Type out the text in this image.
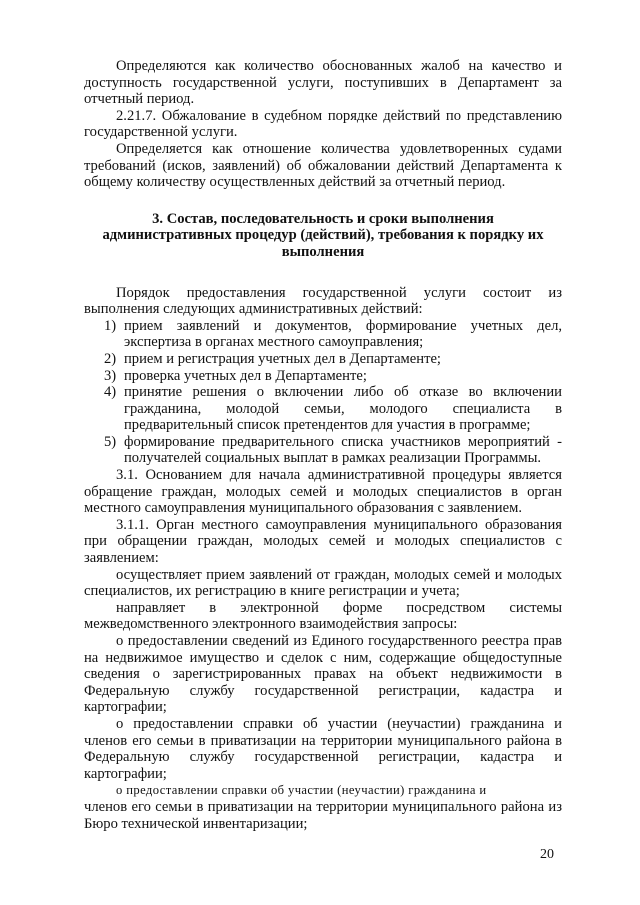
Определяются как количество обоснованных жалоб на качество и доступность государственной услуги, поступивших в Департамент за отчетный период.

2.21.7. Обжалование в судебном порядке действий по представлению государственной услуги.

Определяется как отношение количества удовлетворенных судами требований (исков, заявлений) об обжаловании действий Департамента к общему количеству осуществленных действий за отчетный период.

3. Состав, последовательность и сроки выполнения административных процедур (действий), требования к порядку их выполнения

Порядок предоставления государственной услуги состоит из выполнения следующих административных действий:

1) прием заявлений и документов, формирование учетных дел, экспертиза в органах местного самоуправления;
2) прием и регистрация учетных дел в Департаменте;
3) проверка учетных дел в Департаменте;
4) принятие решения о включении либо об отказе во включении гражданина, молодой семьи, молодого специалиста в предварительный список претендентов для участия в программе;
5) формирование предварительного списка участников мероприятий - получателей социальных выплат в рамках реализации Программы.

3.1. Основанием для начала административной процедуры является обращение граждан, молодых семей и молодых специалистов в орган местного самоуправления муниципального образования с заявлением.

3.1.1. Орган местного самоуправления муниципального образования при обращении граждан, молодых семей и молодых специалистов с заявлением:

осуществляет прием заявлений от граждан, молодых семей и молодых специалистов, их регистрацию в книге регистрации и учета;

направляет в электронной форме посредством системы межведомственного электронного взаимодействия запросы:

о предоставлении сведений из Единого государственного реестра прав на недвижимое имущество и сделок с ним, содержащие общедоступные сведения о зарегистрированных правах на объект недвижимости в Федеральную службу государственной регистрации, кадастра и картографии;

о предоставлении справки об участии (неучастии) гражданина и членов его семьи в приватизации на территории муниципального района в Федеральную службу государственной регистрации, кадастра и картографии;

о предоставлении справки об участии (неучастии) гражданина и

членов его семьи в приватизации на территории муниципального района из Бюро технической инвентаризации;

20
